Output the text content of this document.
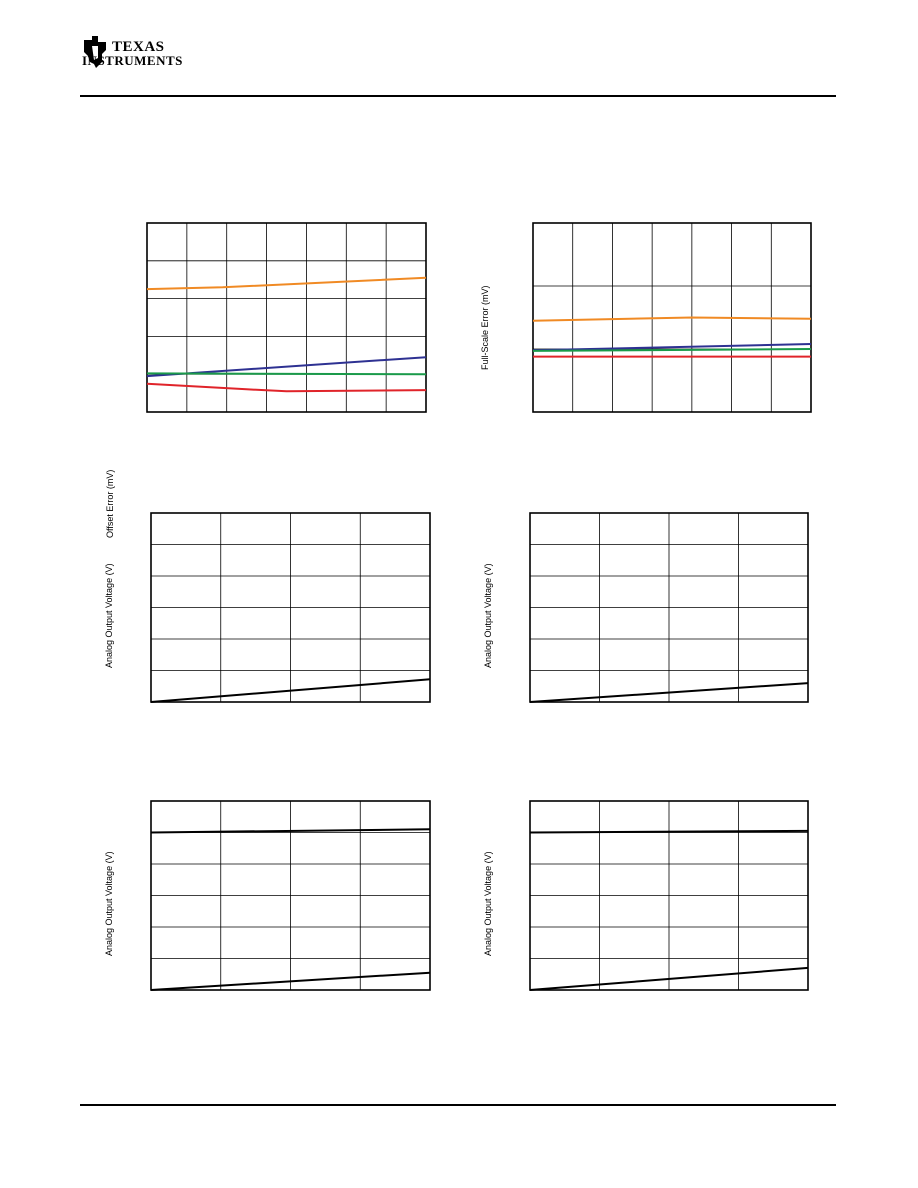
TEXAS
INSTRUMENTS
Offset Error (mV)
Full-Scale Error (mV)
Analog Output Voltage (V)	Analog Output Voltage (V)
Analog Output Voltage (V)	Analog Output Voltage (V)
